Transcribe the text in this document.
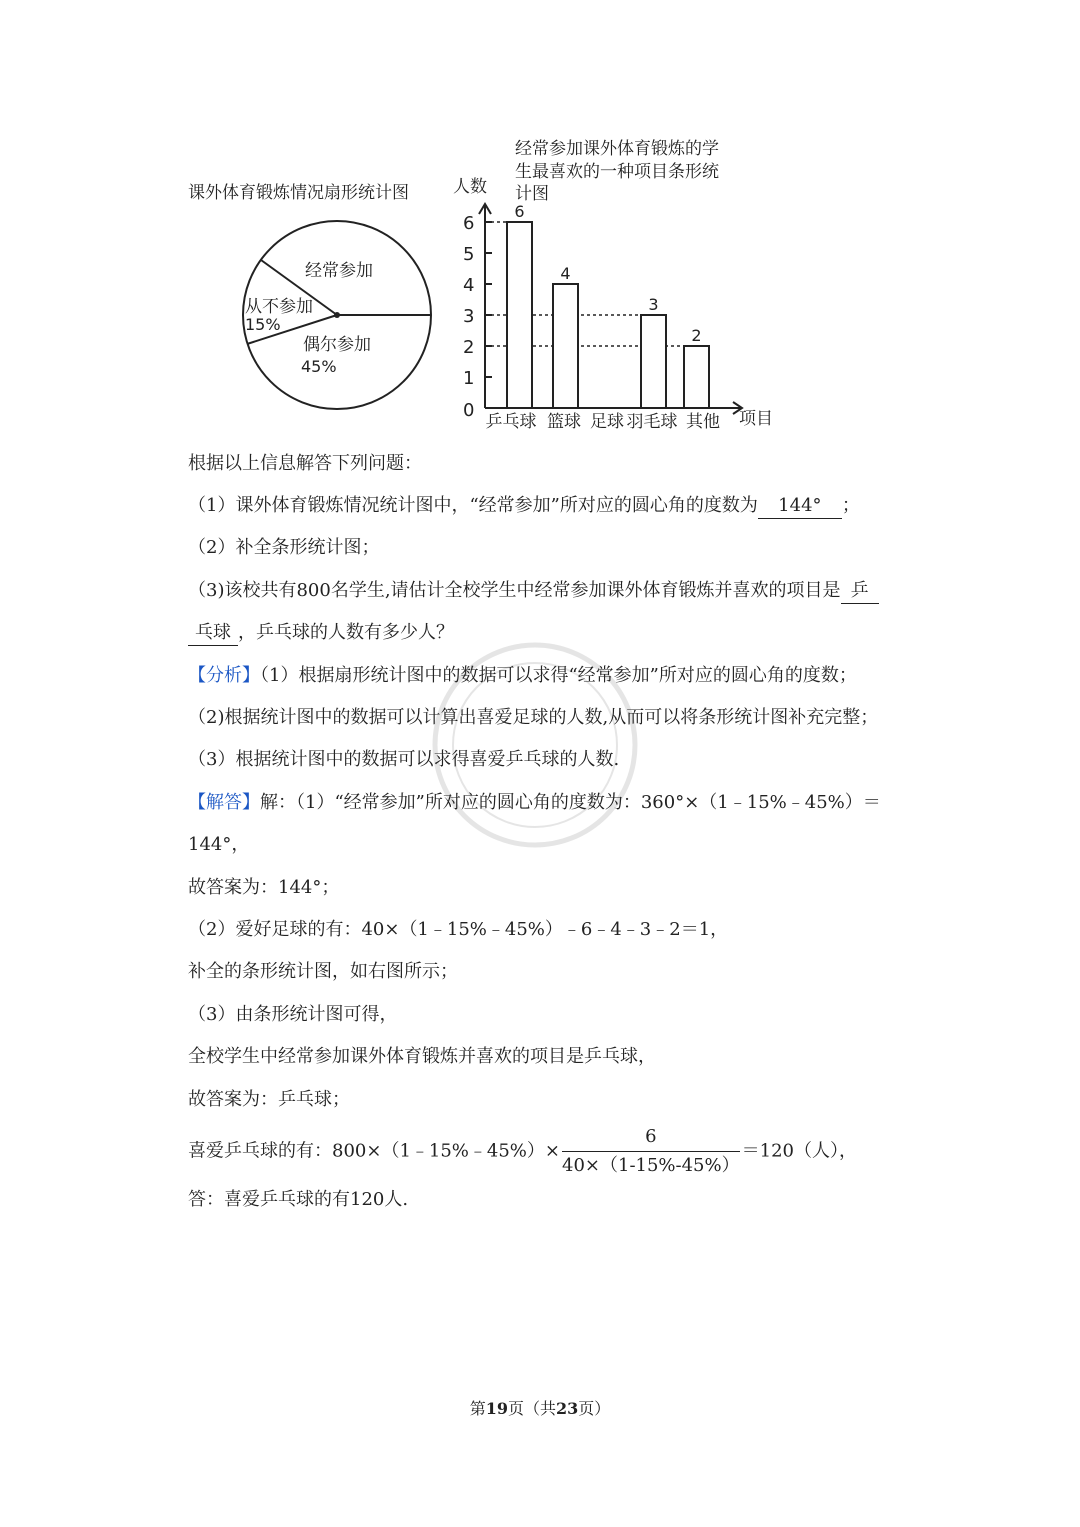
课外体育锻炼情况扇形统计图
经常参加
从不参加
15%
偶尔参加
45%
经常参加课外体育锻炼的学
生最喜欢的一种项目条形统
计图
人数
项目
0
1
2
3
4
5
6
6
4
3
2
乒乓球 篮球 足球 羽毛球 其他
根据以上信息解答下列问题：
（1）课外体育锻炼情况统计图中，“经常参加”所对应的圆心角的度数为 144° ；
（2）补全条形统计图；
（3)该校共有800名学生,请估计全校学生中经常参加课外体育锻炼并喜欢的项目是 乒
乓球 ，乒乓球的人数有多少人？
【分析】（1）根据扇形统计图中的数据可以求得“经常参加”所对应的圆心角的度数；
（2)根据统计图中的数据可以计算出喜爱足球的人数,从而可以将条形统计图补充完整；
（3）根据统计图中的数据可以求得喜爱乒乓球的人数.
【解答】解：（1）“经常参加”所对应的圆心角的度数为：360°×（1﹣15%﹣45%）＝
144°，
故答案为：144°；
（2）爱好足球的有：40×（1﹣15%﹣45%）﹣6﹣4﹣3﹣2＝1，
补全的条形统计图，如右图所示；
（3）由条形统计图可得，
全校学生中经常参加课外体育锻炼并喜欢的项目是乒乓球，
故答案为：乒乓球；
喜爱乒乓球的有：800×（1﹣15%﹣45%）× $\frac{6}{40\times(1-15\%-45\%)} =120$（人），
答：喜爱乒乓球的有120人.
第19页（共23页）
